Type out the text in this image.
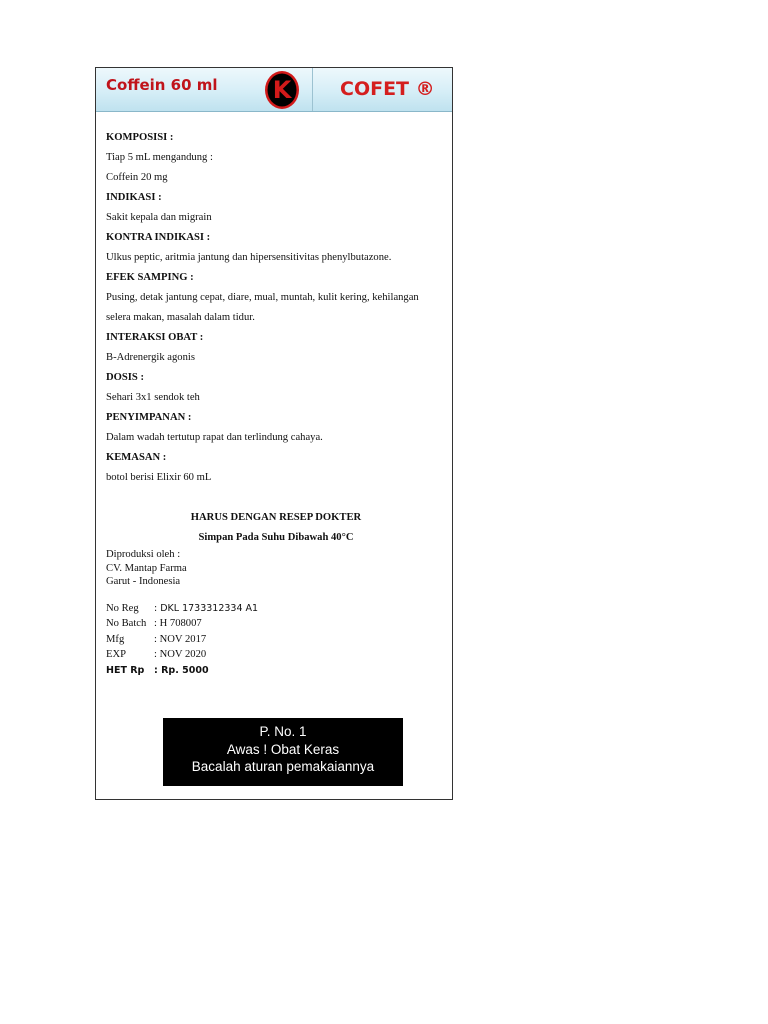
Coffein 60 ml K	COFET ®
KOMPOSISI :
Tiap 5 mL mengandung :
Coffein 20 mg
INDIKASI :
Sakit kepala dan migrain
KONTRA INDIKASI :
Ulkus peptic, aritmia jantung dan hipersensitivitas phenylbutazone.
EFEK SAMPING :
Pusing, detak jantung cepat, diare, mual, muntah, kulit kering, kehilangan
selera makan, masalah dalam tidur.
INTERAKSI OBAT :
B-Adrenergik agonis
DOSIS :
Sehari 3x1 sendok teh
PENYIMPANAN :
Dalam wadah tertutup rapat dan terlindung cahaya.
KEMASAN :
botol berisi Elixir 60 mL
HARUS DENGAN RESEP DOKTER
Simpan Pada Suhu Dibawah 40°C
Diproduksi oleh :
CV. Mantap Farma
Garut - Indonesia
No Reg : DKL 1733312334 A1
No Batch : H 708007
Mfg	: NOV 2017
EXP	: NOV 2020
HET Rp : Rp. 5000
P. No. 1
Awas ! Obat Keras
Bacalah aturan pemakaiannya
